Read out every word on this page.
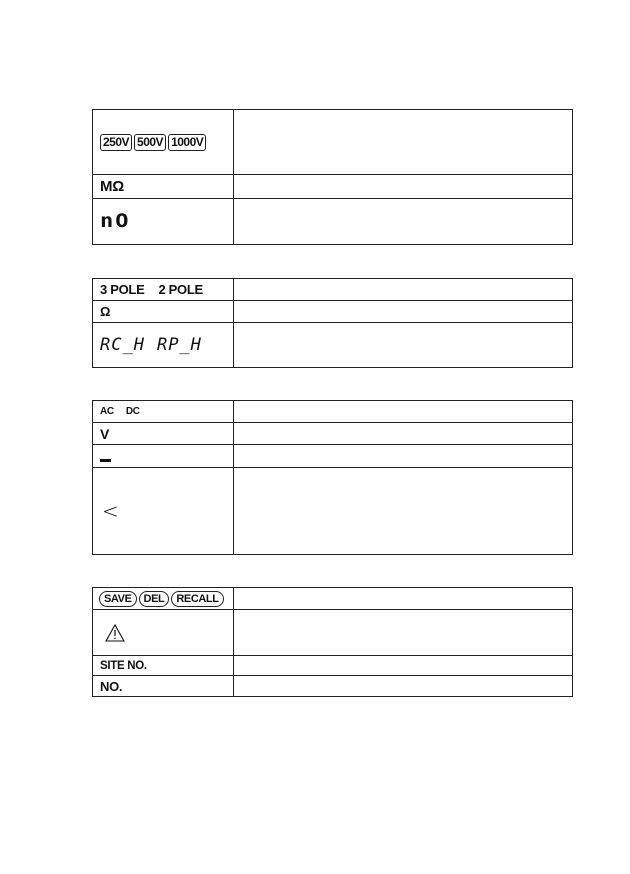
250V 500V 1000V
MΩ
nO
3 POLE 2 POLE
Ω
RC_H RP_H
AC DC
V
<
SAVE	DEL	RECALL
SITE NO.
NO.
